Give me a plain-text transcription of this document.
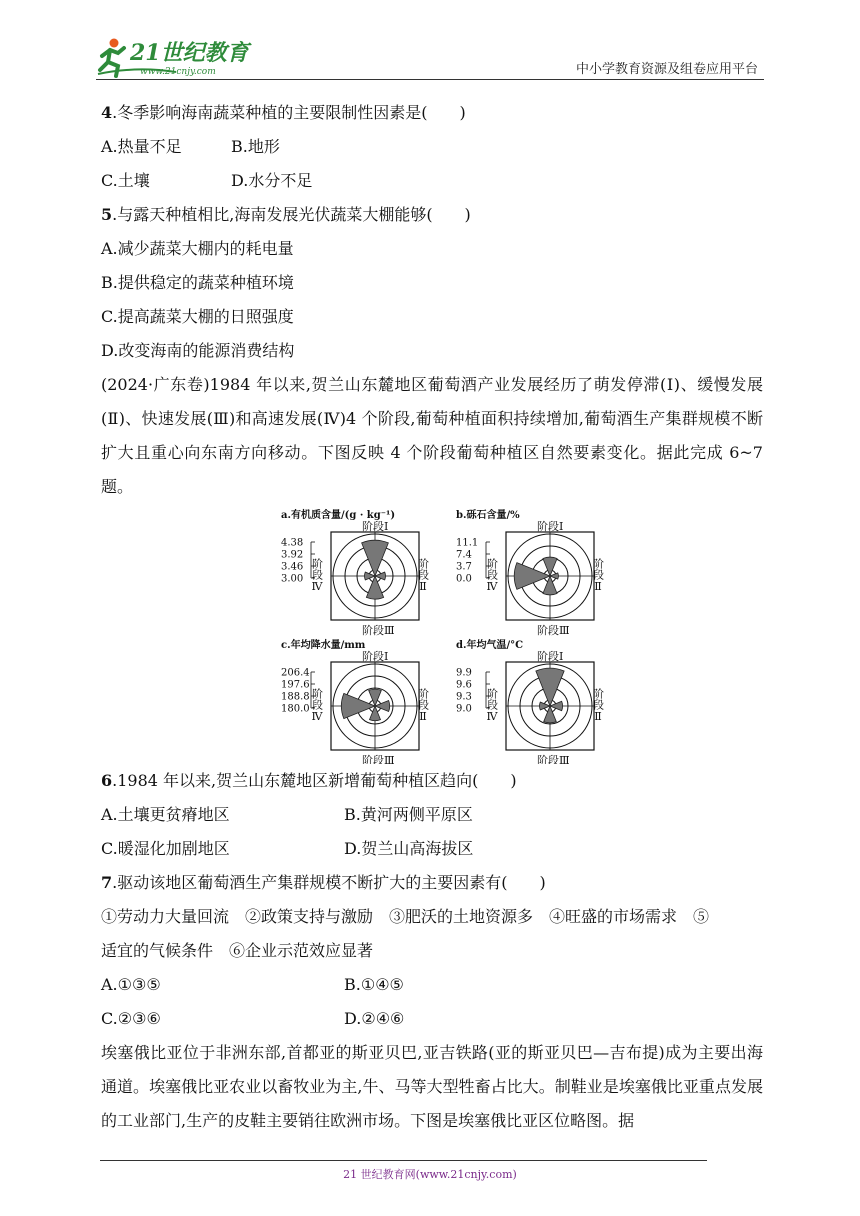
21世纪教育
www.21cnjy.com	中小学教育资源及组卷应用平台
4.冬季影响海南蔬菜种植的主要限制性因素是(　　)
A.热量不足	B.地形
C.土壤	D.水分不足
5.与露天种植相比,海南发展光伏蔬菜大棚能够(　　)
A.减少蔬菜大棚内的耗电量
B.提供稳定的蔬菜种植环境
C.提高蔬菜大棚的日照强度
D.改变海南的能源消费结构
(2024·广东卷)1984 年以来,贺兰山东麓地区葡萄酒产业发展经历了萌发停滞(Ⅰ)、缓慢发展(Ⅱ)、快速发展(Ⅲ)和高速发展(Ⅳ)4 个阶段,葡萄种植面积持续增加,葡萄酒生产集群规模不断扩大且重心向东南方向移动。下图反映 4 个阶段葡萄种植区自然要素变化。据此完成 6~7 题。
a.有机质含量/(g · kg⁻¹)
阶段Ⅰ
阶段Ⅲ
阶段Ⅱ
阶段Ⅳ
4.38
3.92
3.46
3.00
b.砾石含量/%
阶段Ⅰ
阶段Ⅲ
阶段Ⅱ
阶段Ⅳ
11.1
7.4
3.7
0.0
c.年均降水量/mm
阶段Ⅰ
阶段Ⅲ
阶段Ⅱ
阶段Ⅳ
206.4
197.6
188.8
180.0
d.年均气温/°C
阶段Ⅰ
阶段Ⅲ
阶段Ⅱ
阶段Ⅳ
9.9
9.6
9.3
9.0
6.1984 年以来,贺兰山东麓地区新增葡萄种植区趋向(　　)
A.土壤更贫瘠地区	B.黄河两侧平原区
C.暖湿化加剧地区	D.贺兰山高海拔区
7.驱动该地区葡萄酒生产集群规模不断扩大的主要因素有(　　)
①劳动力大量回流　②政策支持与激励　③肥沃的土地资源多　④旺盛的市场需求　⑤
适宜的气候条件　⑥企业示范效应显著
A.①③⑤	B.①④⑤
C.②③⑥	D.②④⑥
埃塞俄比亚位于非洲东部,首都亚的斯亚贝巴,亚吉铁路(亚的斯亚贝巴—吉布提)成为主要出海通道。埃塞俄比亚农业以畜牧业为主,牛、马等大型牲畜占比大。制鞋业是埃塞俄比亚重点发展的工业部门,生产的皮鞋主要销往欧洲市场。下图是埃塞俄比亚区位略图。据
21 世纪教育网(www.21cnjy.com)
